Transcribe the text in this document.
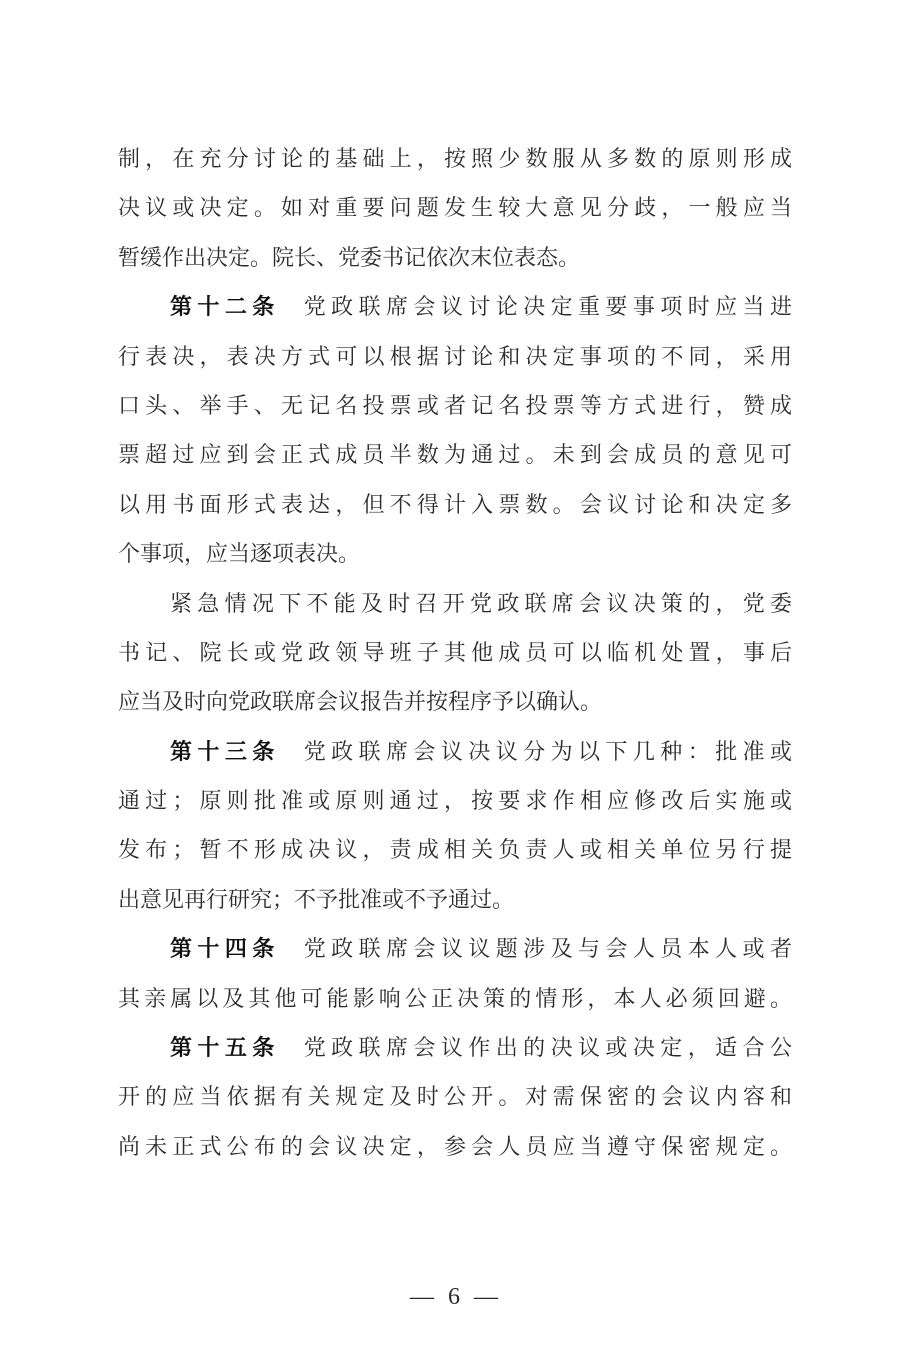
制，在充分讨论的基础上，按照少数服从多数的原则形成
决议或决定。如对重要问题发生较大意见分歧，一般应当
暂缓作出决定。院长、党委书记依次末位表态。
第十二条 党政联席会议讨论决定重要事项时应当进
行表决，表决方式可以根据讨论和决定事项的不同，采用
口头、举手、无记名投票或者记名投票等方式进行，赞成
票超过应到会正式成员半数为通过。未到会成员的意见可
以用书面形式表达，但不得计入票数。会议讨论和决定多
个事项，应当逐项表决。
紧急情况下不能及时召开党政联席会议决策的，党委
书记、院长或党政领导班子其他成员可以临机处置，事后
应当及时向党政联席会议报告并按程序予以确认。
第十三条 党政联席会议决议分为以下几种：批准或
通过；原则批准或原则通过，按要求作相应修改后实施或
发布；暂不形成决议，责成相关负责人或相关单位另行提
出意见再行研究；不予批准或不予通过。
第十四条 党政联席会议议题涉及与会人员本人或者
其亲属以及其他可能影响公正决策的情形，本人必须回避。
第十五条 党政联席会议作出的决议或决定，适合公
开的应当依据有关规定及时公开。对需保密的会议内容和
尚未正式公布的会议决定，参会人员应当遵守保密规定。
— 6 —
